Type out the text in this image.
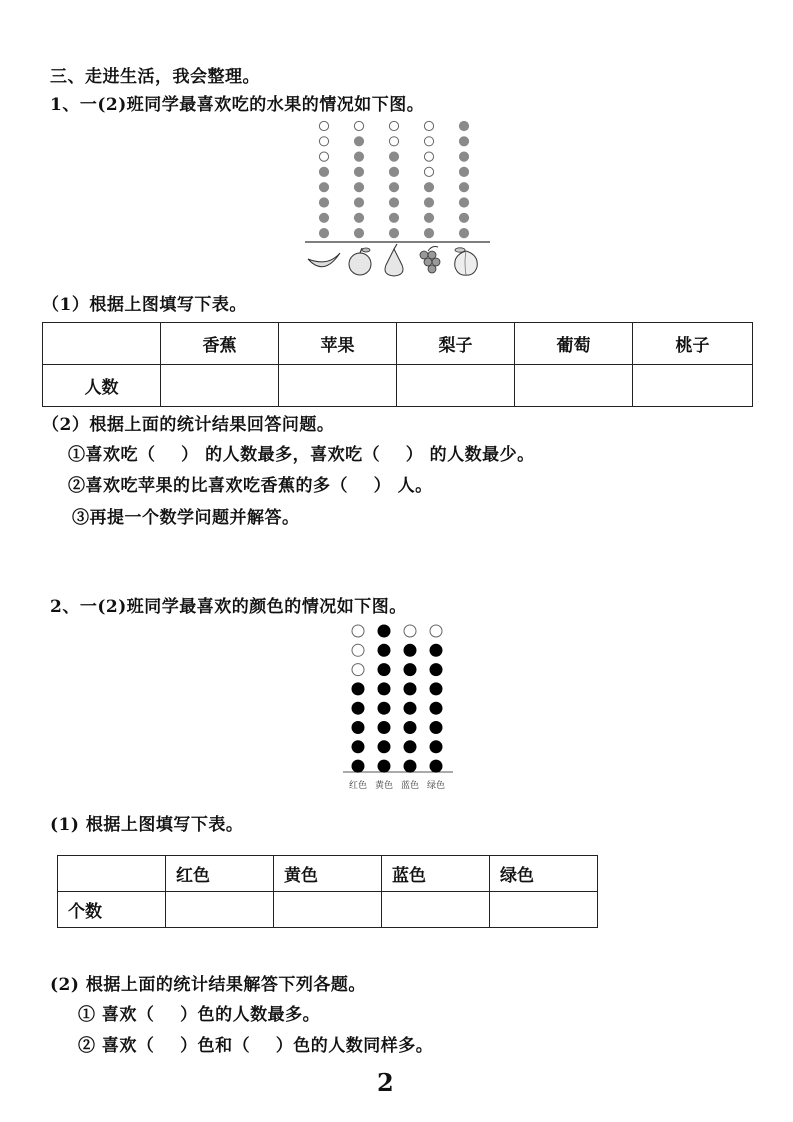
三、走进生活，我会整理。
1、一(2)班同学最喜欢吃的水果的情况如下图。
（1）根据上图填写下表。
	香蕉	苹果	梨子	葡萄	桃子
人数					
（2）根据上面的统计结果回答问题。
①喜欢吃（    ） 的人数最多，喜欢吃（    ） 的人数最少。
②喜欢吃苹果的比喜欢吃香蕉的多（    ） 人。
③再提一个数学问题并解答。
2、一(2)班同学最喜欢的颜色的情况如下图。
红色 黄色 蓝色 绿色
(1) 根据上图填写下表。
	红色	黄色	蓝色	绿色
个数				
(2) 根据上面的统计结果解答下列各题。
① 喜欢（    ）色的人数最多。
② 喜欢（    ）色和（    ）色的人数同样多。
2
